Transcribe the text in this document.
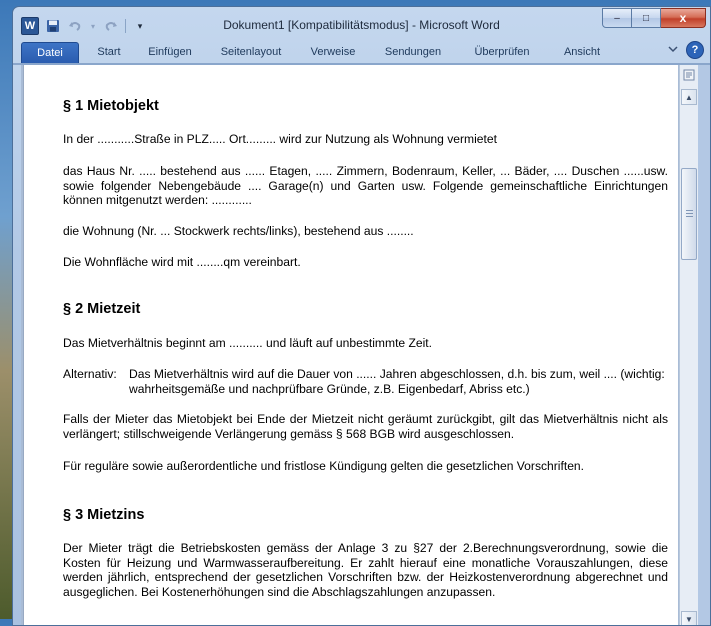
W	▾	▾	Dokument1 [Kompatibilitätsmodus] - Microsoft Word	–	□	x
Datei	Start	Einfügen	Seitenlayout	Verweise	Sendungen	Überprüfen	Ansicht	?
§ 1 Mietobjekt

In der ...........Straße in PLZ..... Ort......... wird zur Nutzung als Wohnung vermietet

das Haus Nr. ..... bestehend aus ...... Etagen, ..... Zimmern, Bodenraum, Keller, ... Bäder, .... Duschen ......usw. sowie folgender Nebengebäude .... Garage(n) und Garten usw. Folgende gemeinschaftliche Einrichtungen können mitgenutzt werden: ............

die Wohnung (Nr. ... Stockwerk rechts/links), bestehend aus ........

Die Wohnfläche wird mit ........qm vereinbart.

§ 2 Mietzeit

Das Mietverhältnis beginnt am .......... und läuft auf unbestimmte Zeit.

Alternativ: Das Mietverhältnis wird auf die Dauer von ...... Jahren abgeschlossen, d.h. bis zum, weil .... (wichtig: wahrheitsgemäße und nachprüfbare Gründe, z.B. Eigenbedarf, Abriss etc.)

Falls der Mieter das Mietobjekt bei Ende der Mietzeit nicht geräumt zurückgibt, gilt das Mietverhältnis nicht als verlängert; stillschweigende Verlängerung gemäss § 568 BGB wird ausgeschlossen.

Für reguläre sowie außerordentliche und fristlose Kündigung gelten die gesetzlichen Vorschriften.

§ 3 Mietzins

Der Mieter trägt die Betriebskosten gemäss der Anlage 3 zu §27 der 2.Berechnungsverordnung, sowie die Kosten für Heizung und Warmwasseraufbereitung. Er zahlt hierauf eine monatliche Vorauszahlungen, diese werden jährlich, entsprechend der gesetzlichen Vorschriften bzw. der Heizkostenverordnung abgerechnet und ausgeglichen. Bei Kostenerhöhungen sind die Abschlagszahlungen anzupassen.

▲
▼
